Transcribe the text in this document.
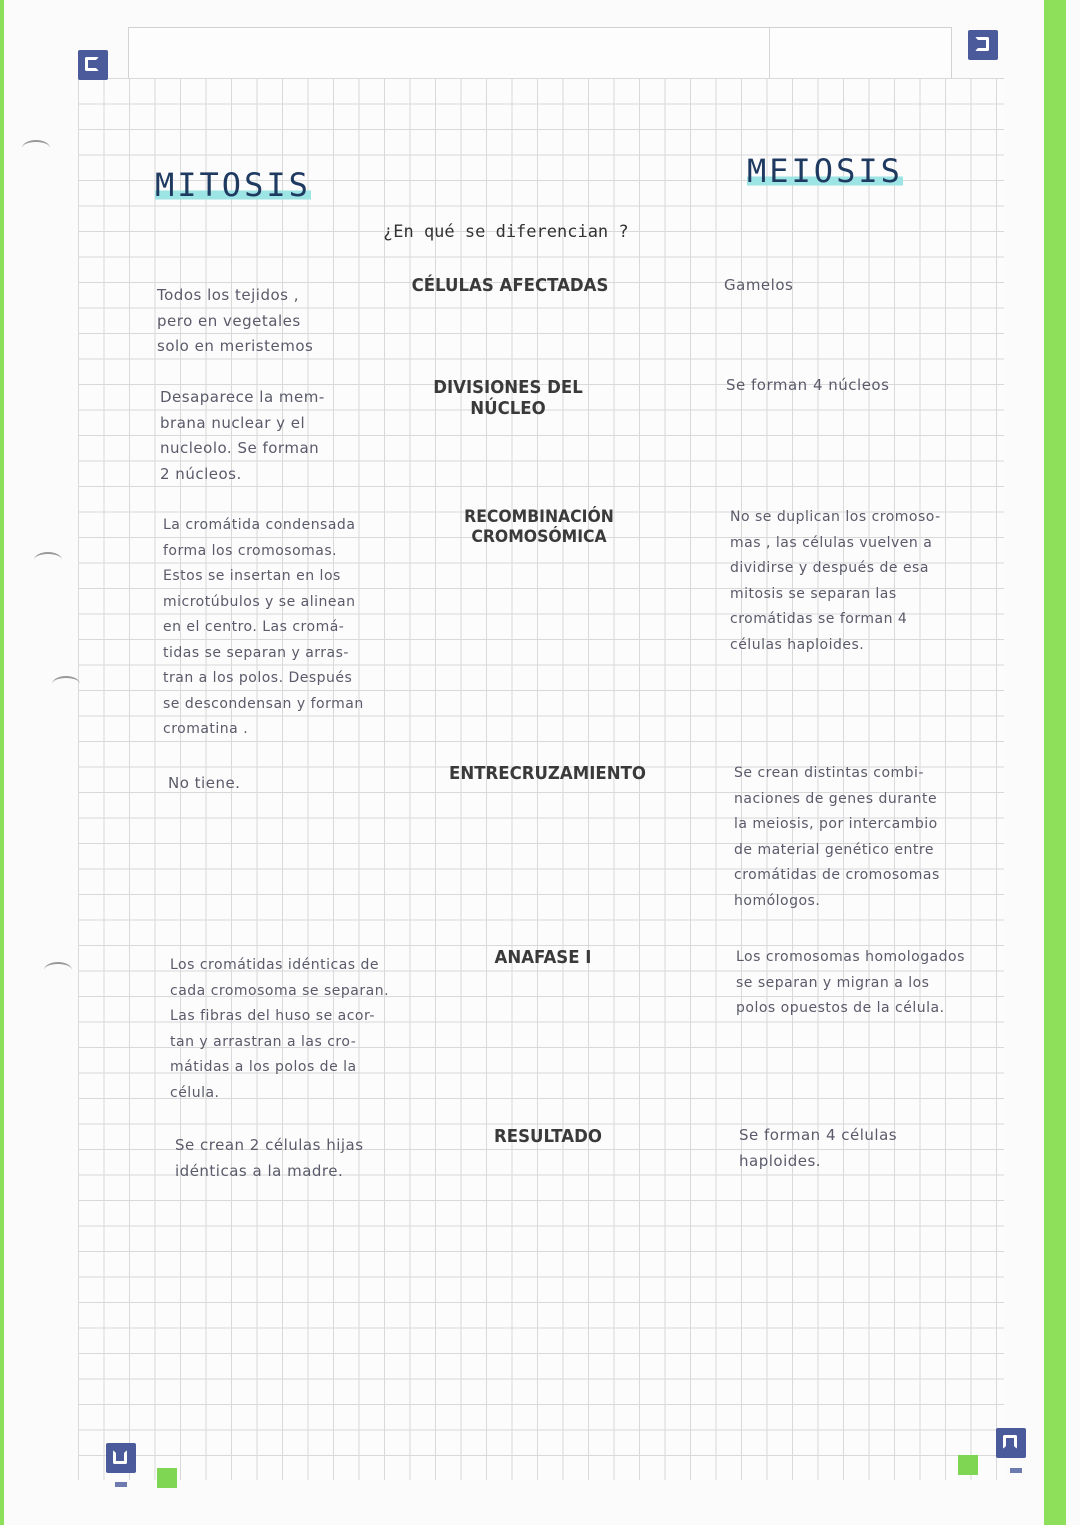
MITOSIS	MEIOSIS
¿En qué se diferencian ?
CÉLULAS AFECTADAS
Todos los tejidos ,
pero en vegetales
solo en meristemos
Gamelos
DIVISIONES DEL NÚCLEO
Desaparece la mem-
brana nuclear y el
nucleolo. Se forman
2 núcleos.
Se forman 4 núcleos
RECOMBINACIÓN CROMOSÓMICA
La cromátida condensada
forma los cromosomas.
Estos se insertan en los
microtúbulos y se alinean
en el centro. Las cromá-
tidas se separan y arras-
tran a los polos. Después
se descondensan y forman
cromatina .
No se duplican los cromoso-
mas , las células vuelven a
dividirse y después de esa
mitosis se separan las
cromátidas se forman 4
células haploides.
ENTRECRUZAMIENTO
No tiene.
Se crean distintas combi-
naciones de genes durante
la meiosis, por intercambio
de material genético entre
cromátidas de cromosomas
homólogos.
ANAFASE I
Los cromátidas idénticas de
cada cromosoma se separan.
Las fibras del huso se acor-
tan y arrastran a las cro-
mátidas a los polos de la
célula.
Los cromosomas homologados
se separan y migran a los
polos opuestos de la célula.
RESULTADO
Se crean 2 células hijas
idénticas a la madre.
Se forman 4 células
haploides.
